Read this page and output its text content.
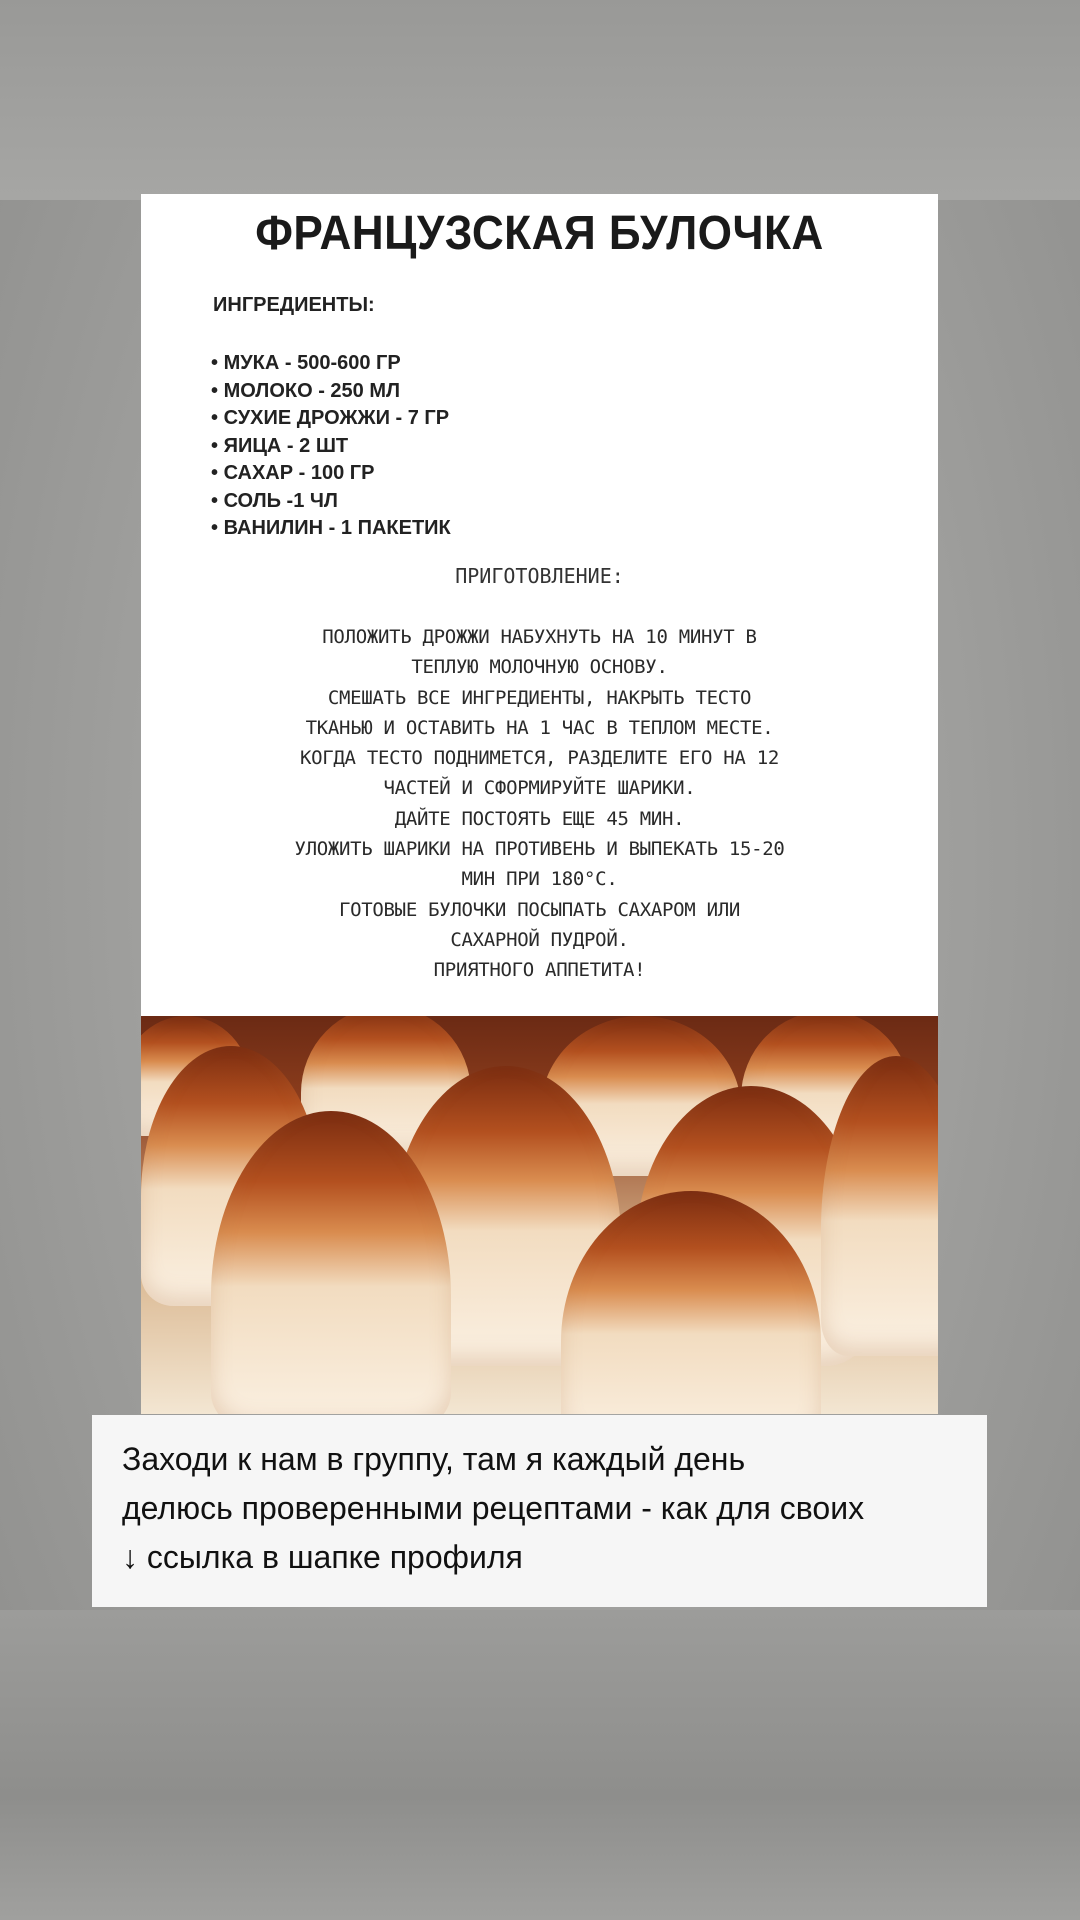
ФРАНЦУЗСКАЯ БУЛОЧКА
ИНГРЕДИЕНТЫ:
• МУКА - 500-600 ГР
• МОЛОКО - 250 МЛ
• СУХИЕ ДРОЖЖИ - 7 ГР
• ЯИЦА - 2 ШТ
• САХАР - 100 ГР
• СОЛЬ -1 ЧЛ
• ВАНИЛИН - 1 ПАКЕТИК
ПРИГОТОВЛЕНИЕ:
ПОЛОЖИТЬ ДРОЖЖИ НАБУХНУТЬ НА 10 МИНУТ В
ТЕПЛУЮ МОЛОЧНУЮ ОСНОВУ.
СМЕШАТЬ ВСЕ ИНГРЕДИЕНТЫ, НАКРЫТЬ ТЕСТО
ТКАНЬЮ И ОСТАВИТЬ НА 1 ЧАС В ТЕПЛОМ МЕСТЕ.
КОГДА ТЕСТО ПОДНИМЕТСЯ, РАЗДЕЛИТЕ ЕГО НА 12
ЧАСТЕЙ И СФОРМИРУЙТЕ ШАРИКИ.
ДАЙТЕ ПОСТОЯТЬ ЕЩЕ 45 МИН.
УЛОЖИТЬ ШАРИКИ НА ПРОТИВЕНЬ И ВЫПЕКАТЬ 15-20
МИН ПРИ 180°С.
ГОТОВЫЕ БУЛОЧКИ ПОСЫПАТЬ САХАРОМ ИЛИ
САХАРНОЙ ПУДРОЙ.
ПРИЯТНОГО АППЕТИТА!
Заходи к нам в группу, там я каждый день
делюсь проверенными рецептами - как для своих
↓ ссылка в шапке профиля
